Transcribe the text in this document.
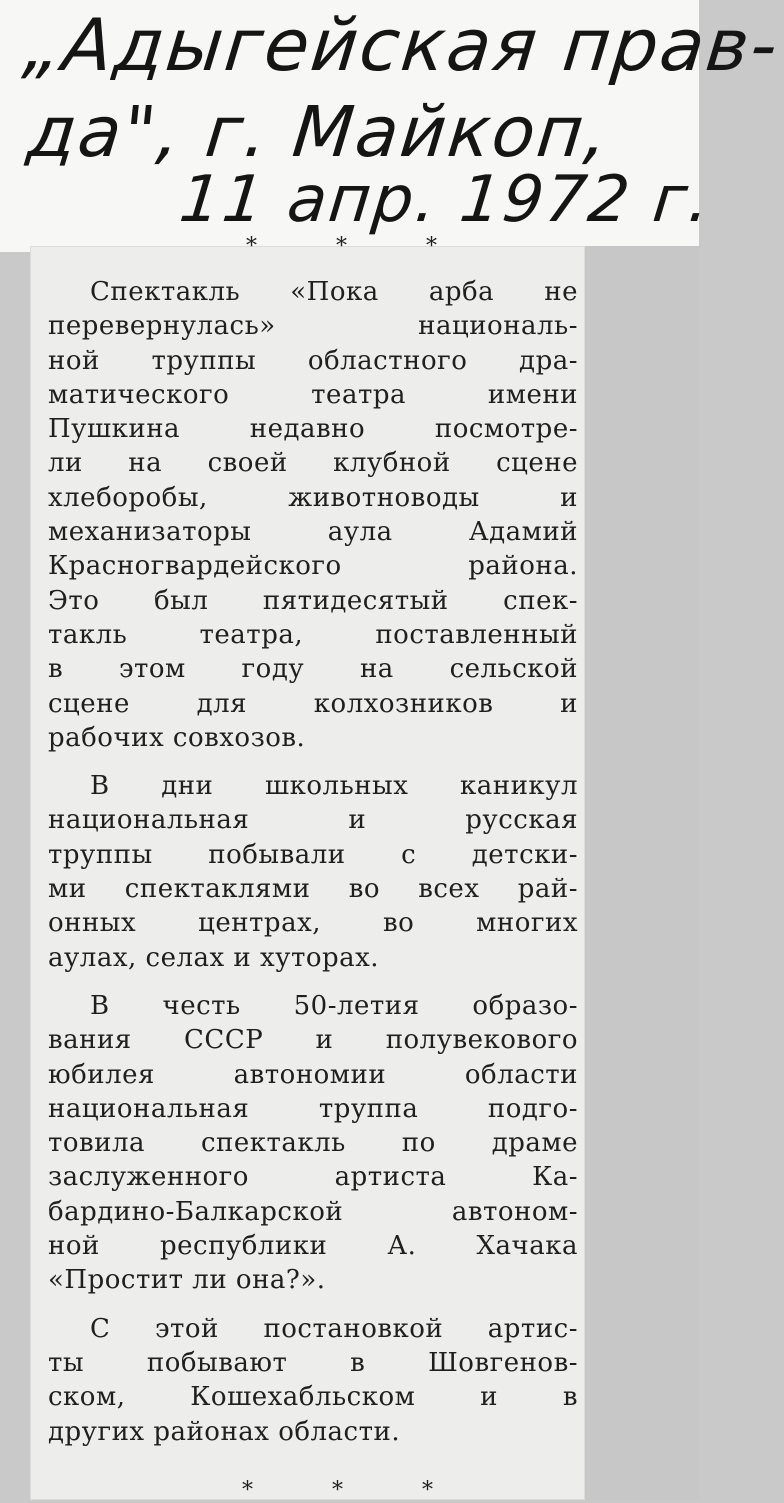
„Адыгейская прав-

да", г. Майкоп,

11 апр. 1972 г.

* * *

Спектакль «Пока арба не
перевернулась» националь-
ной труппы областного дра-
матического театра имени
Пушкина недавно посмотре-
ли на своей клубной сцене
хлеборобы, животноводы и
механизаторы аула Адамий
Красногвардейского района.
Это был пятидесятый спек-
такль театра, поставленный
в этом году на сельской
сцене для колхозников и
рабочих совхозов.

В дни школьных каникул
национальная и русская
труппы побывали с детски-
ми спектаклями во всех рай-
онных центрах, во многих
аулах, селах и хуторах.

В честь 50-летия образо-
вания СССР и полувекового
юбилея автономии области
национальная труппа подго-
товила спектакль по драме
заслуженного артиста Ка-
бардино-Балкарской автоном-
ной республики А. Хачака
«Простит ли она?».

С этой постановкой артис-
ты побывают в Шовгенов-
ском, Кошехабльском и в
других районах области.

* * *
